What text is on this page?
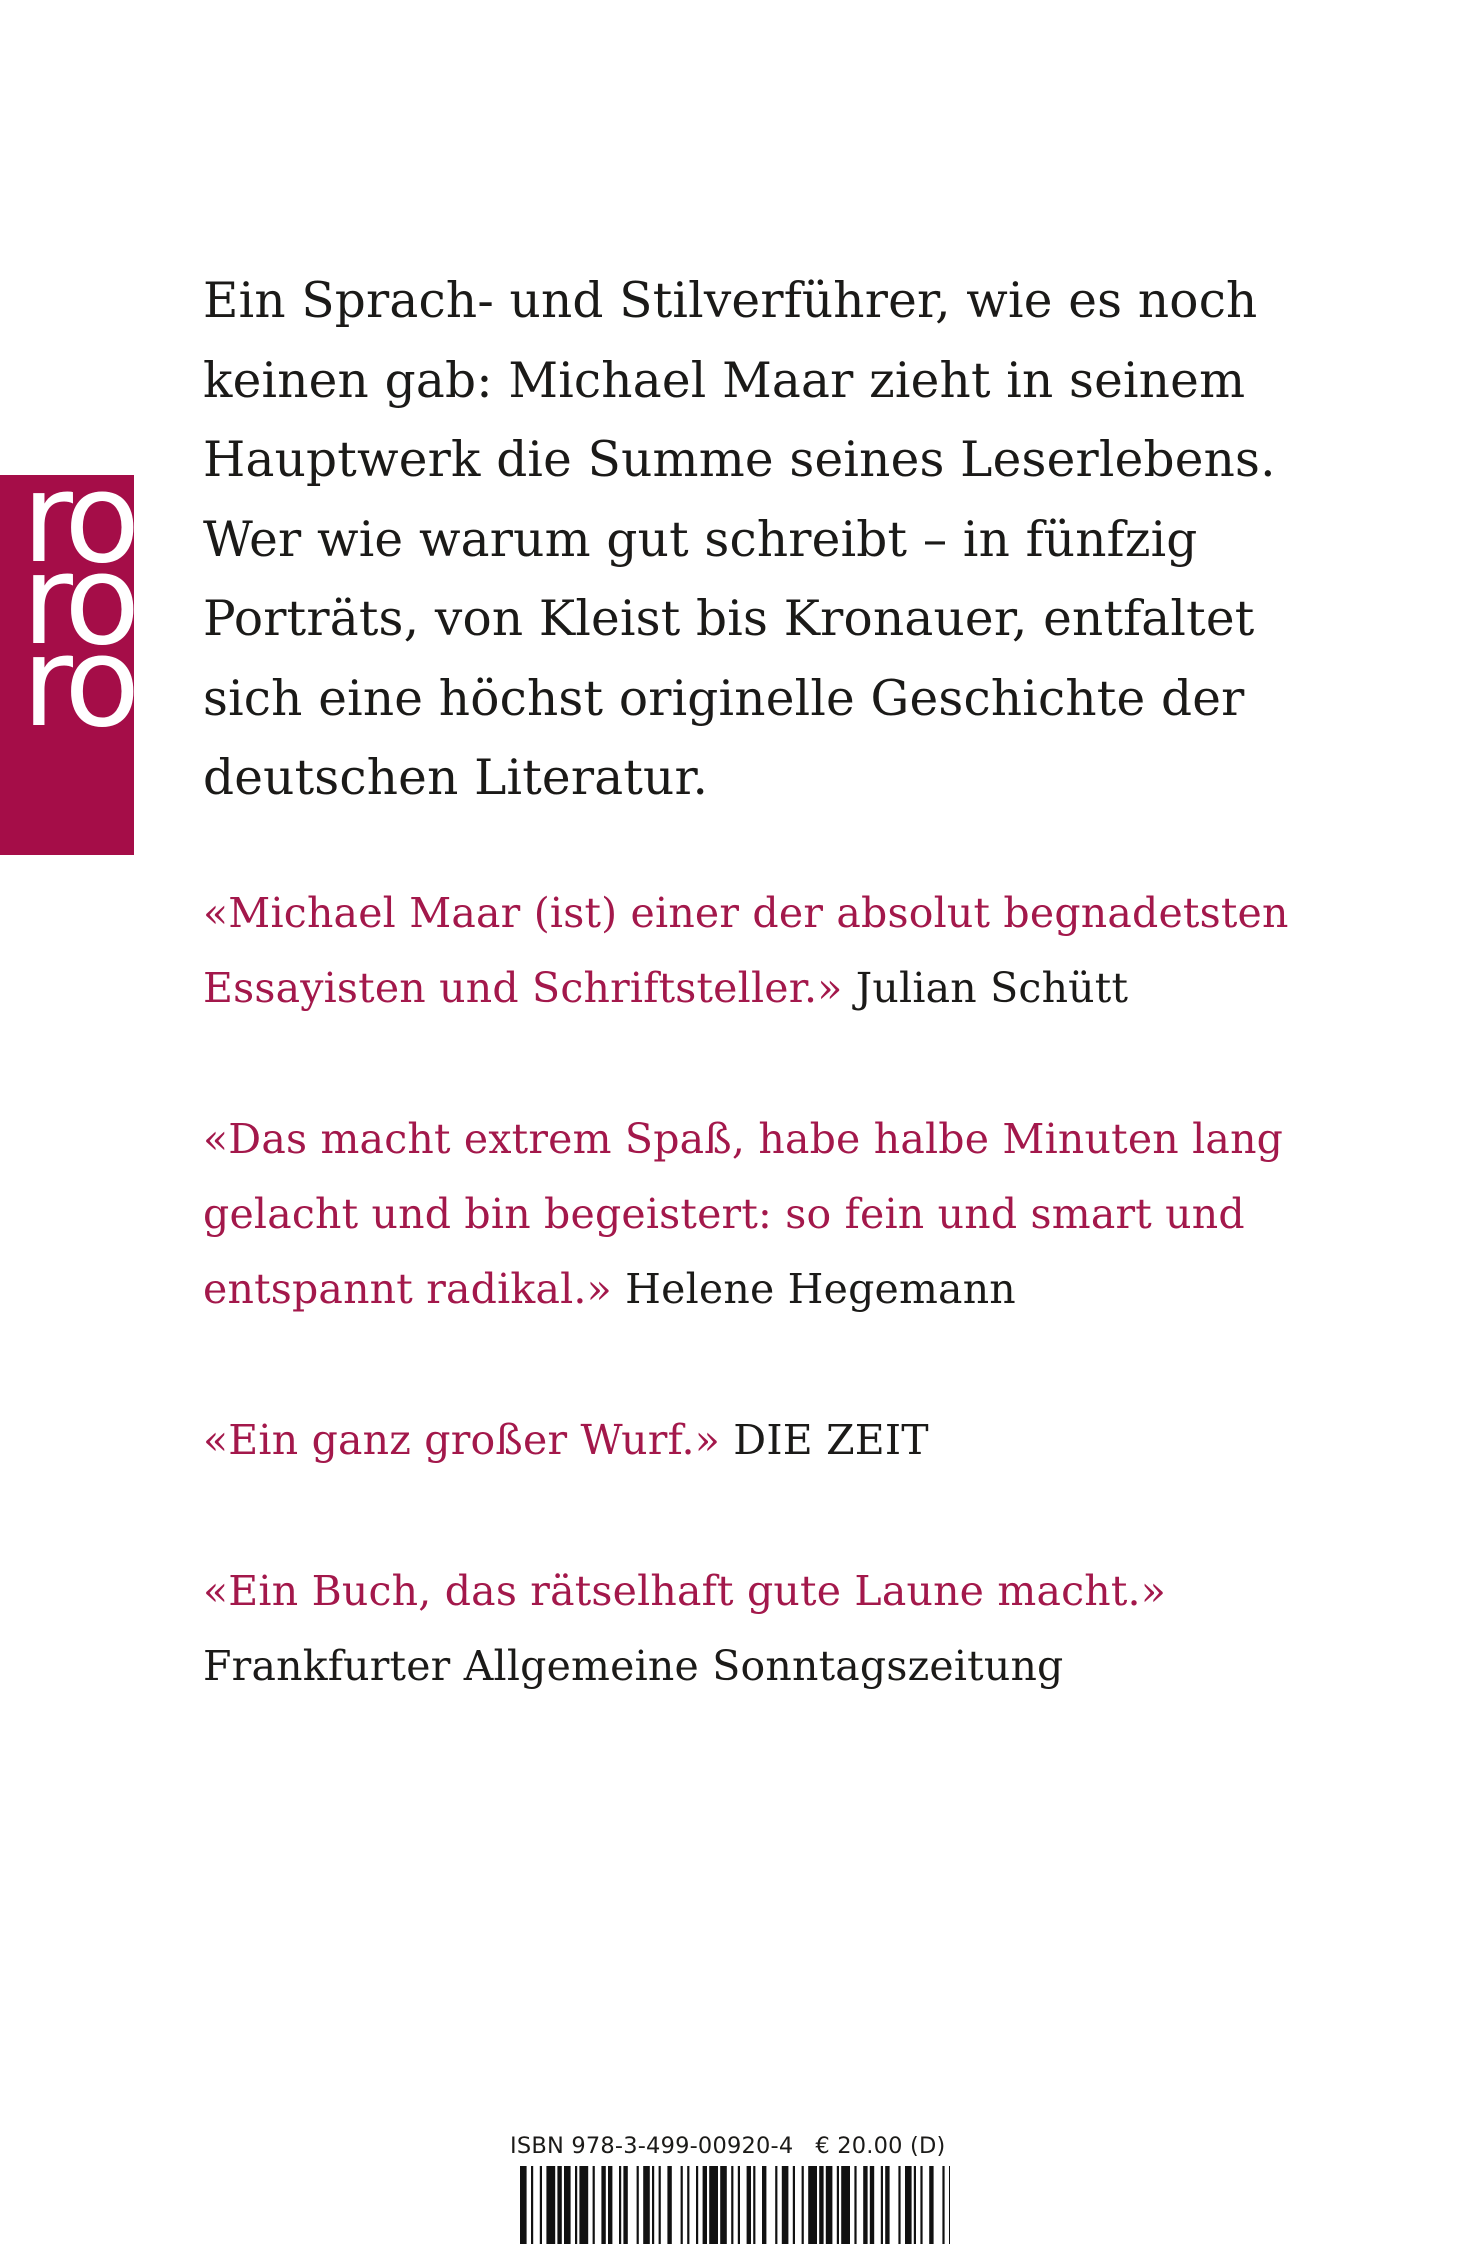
ro
ro
ro

Ein Sprach- und Stilverführer, wie es noch
keinen gab: Michael Maar zieht in seinem
Hauptwerk die Summe seines Leserlebens.
Wer wie warum gut schreibt – in fünfzig
Porträts, von Kleist bis Kronauer, entfaltet
sich eine höchst originelle Geschichte der
deutschen Literatur.

«Michael Maar (ist) einer der absolut begnadetsten
Essayisten und Schriftsteller.» Julian Schütt

«Das macht extrem Spaß, habe halbe Minuten lang
gelacht und bin begeistert: so fein und smart und
entspannt radikal.» Helene Hegemann

«Ein ganz großer Wurf.» DIE ZEIT

«Ein Buch, das rätselhaft gute Laune macht.»
Frankfurter Allgemeine Sonntagszeitung

ISBN 978-3-499-00920-4 € 20.00 (D)
